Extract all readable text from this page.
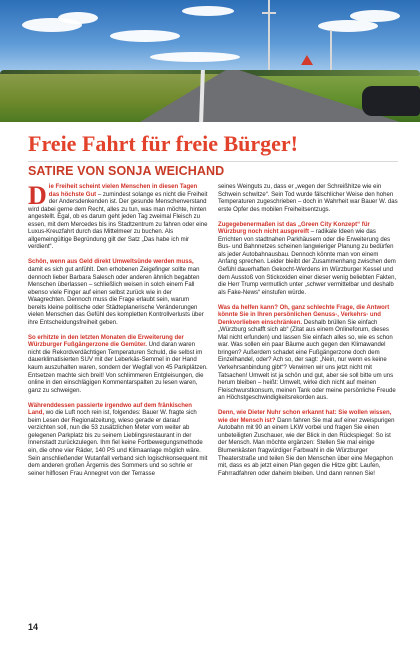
Freie Fahrt für freie Bürger!
SATIRE VON SONJA WEICHAND

Die Freiheit scheint vielen Menschen in diesen Tagen das höchste Gut – zumindest solange es nicht die Freiheit der Andersdenkenden ist. Der gesunde Menschenverstand wird dabei gerne dem Recht, alles zu tun, was man möchte, hinten angestellt. Egal, ob es darum geht jeden Tag zweimal Fleisch zu essen, mit dem Mercedes bis ins Stadtzentrum zu fahren oder eine Luxus-Kreuzfahrt durch das Mittelmeer zu buchen. Als allgemeingültige Begründung gilt der Satz „Das habe ich mir verdient“.

Schön, wenn aus Geld direkt Umweltsünde werden muss, damit es sich gut anfühlt. Den erhobenen Zeigefinger sollte man dennoch lieber Barbara Salesch oder anderen ähnlich begabten Menschen überlassen – schließlich weisen in solch einem Fall ebenso viele Finger auf einen selbst zurück wie in der Waagrechten. Dennoch muss die Frage erlaubt sein, warum bereits kleine politische oder Städteplanerische Veränderungen vielen Menschen das Gefühl des kompletten Kontrollverlusts über ihre Entscheidungsfreiheit geben.

So erhitzte in den letzten Monaten die Erweiterung der Würzburger Fußgängerzone die Gemüter. Und daran waren nicht die Rekordverdächtigen Temperaturen Schuld, die selbst im dauerklimatisierten SUV mit der Leberkäs-Semmel in der Hand kaum auszuhalten waren, sondern der Wegfall von 45 Parkplätzen. Entsetzen machte sich breit! Von schlimmeren Entgleisungen, die online in den einschlägigen Kommentarspalten zu lesen waren, ganz zu schweigen.

Währenddessen passierte irgendwo auf dem fränkischen Land, wo die Luft noch rein ist, folgendes: Bauer W. fragte sich beim Lesen der Regionalzeitung, wieso gerade er darauf verzichten soll, nun die 53 zusätzlichen Meter vom weiter ab gelegenen Parkplatz bis zu seinem Lieblingsrestaurant in der Innenstadt zurückzulegen. Ihm fiel keine Fortbewegungsmethode ein, die ohne vier Räder, 140 PS und Klimaanlage möglich wäre. Sein anschließender Wutanfall verband sich logischkonsequent mit dem anderen großen Ärgernis des Sommers und so schrie er seiner hilflosen Frau Annegret von der Terrasse

seines Weinguts zu, dass er „wegen der Schreißhitze wie ein Schwein schwitze“. Sein Tod wurde fälschlicher Weise den hohen Temperaturen zugeschrieben – doch in Wahrheit war Bauer W. das erste Opfer des mobilen Freiheitsentzugs.

Zugegebenermaßen ist das „Green City Konzept“ für Würzburg noch nicht ausgereift – radikale Ideen wie das Errichten von stadtnahen Parkhäusern oder die Erweiterung des Bus- und Bahnnetzes scheinen langwieriger Planung zu bedürfen als jeder Autobahnausbau. Dennoch könnte man von einem Anfang sprechen. Leider bleibt der Zusammenhang zwischen dem Gefühl dauerhaften Gekocht-Werdens im Würzburger Kessel und dem Ausstoß von Stickoxiden einer dieser wenig beliebten Fakten, die Herr Trump vermutlich unter „schwer vermittelbar und deshalb als Fake-News“ einstufen würde.

Was da helfen kann? Oh, ganz schlechte Frage, die Antwort könnte Sie in Ihren persönlichen Genuss-, Verkehrs- und Denkvorlieben einschränken. Deshalb brüllen Sie einfach „Würzburg schafft sich ab“ (Zitat aus einem Onlineforum, dieses Mal nicht erfunden) und lassen Sie einfach alles so, wie es schon war. Was sollen ein paar Bäume auch gegen den Klimawandel bringen? Außerdem schadet eine Fußgängerzone doch dem Einzelhandel, oder? Ach so, der sagt: „Nein, nur wenn es keine Verkehrsanbindung gibt“? Verwirren wir uns jetzt nicht mit Tatsachen! Umwelt ist ja schön und gut, aber sie soll bitte um uns herum bleiben – heißt: Umwelt, wirke dich nicht auf meinen Fleischwurstkonsum, meinen Tank oder meine persönliche Freude an Höchstgeschwindigkeitsrekorden aus.

Denn, wie Dieter Nuhr schon erkannt hat: Sie wollen wissen, wie der Mensch ist? Dann fahren Sie mal auf einer zweispurigen Autobahn mit 90 an einem LKW vorbei und fragen Sie einen unbeteiligten Zuschauer, wie der Blick in den Rückspiegel: So ist der Mensch. Man möchte ergänzen: Stellen Sie mal einige Blumenkästen fragwürdiger Farbwahl in die Würzburger Theaterstraße und teilen Sie den Menschen über eine Megaphon mit, dass es ab jetzt einen Plan gegen die Hitze gibt: Laufen, Fahrradfahren oder daheim bleiben. Und dann rennen Sie!

14
